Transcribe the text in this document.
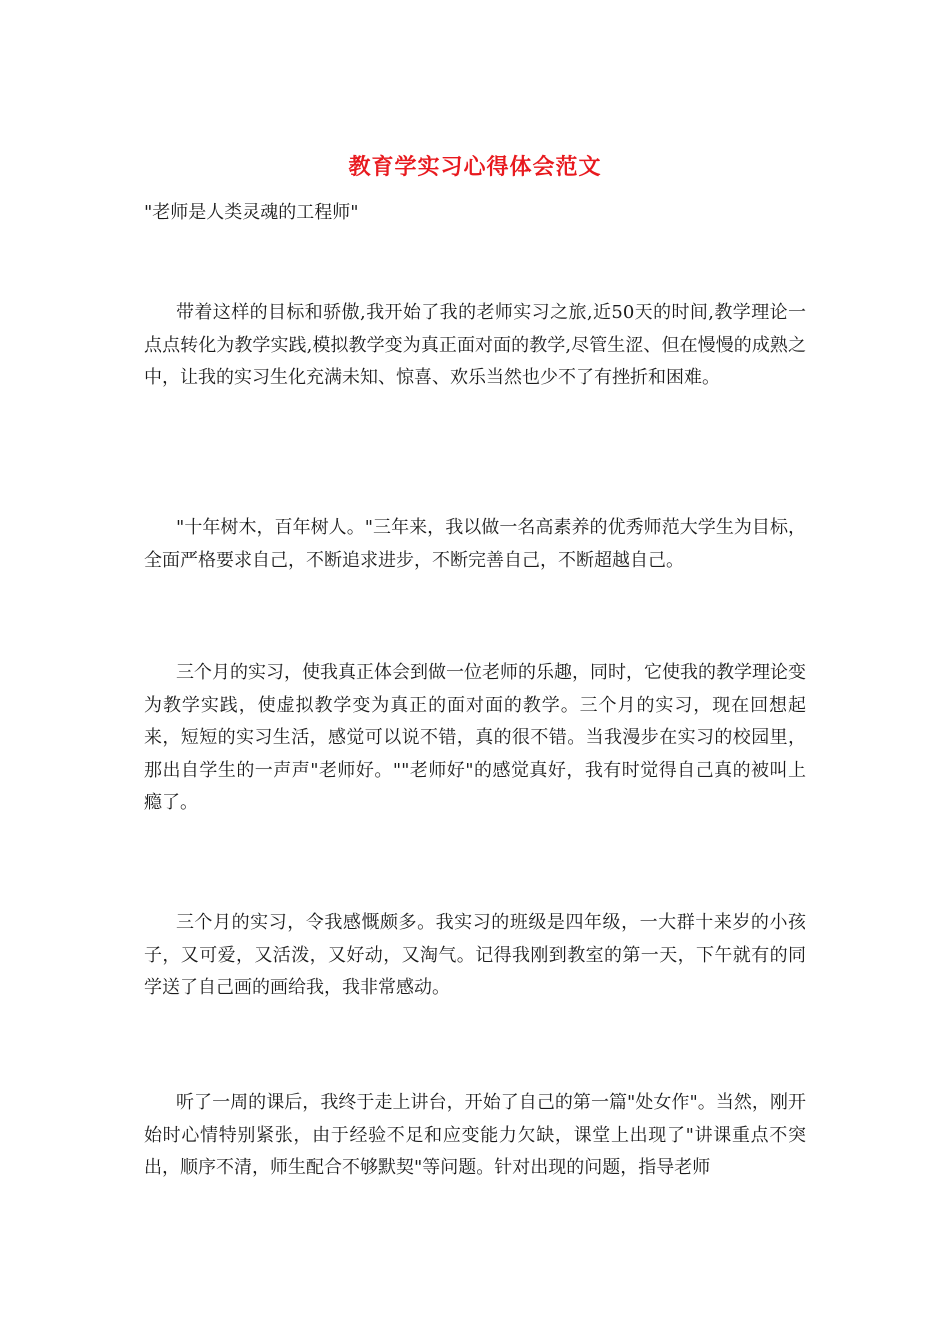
教育学实习心得体会范文
"老师是人类灵魂的工程师"

带着这样的目标和骄傲,我开始了我的老师实习之旅,近50天的时间,教学理论一点点转化为教学实践,模拟教学变为真正面对面的教学,尽管生涩、但在慢慢的成熟之中，让我的实习生化充满未知、惊喜、欢乐当然也少不了有挫折和困难。

"十年树木，百年树人。"三年来，我以做一名高素养的优秀师范大学生为目标，全面严格要求自己，不断追求进步，不断完善自己，不断超越自己。

三个月的实习，使我真正体会到做一位老师的乐趣，同时，它使我的教学理论变为教学实践，使虚拟教学变为真正的面对面的教学。三个月的实习，现在回想起来，短短的实习生活，感觉可以说不错，真的很不错。当我漫步在实习的校园里，那出自学生的一声声"老师好。""老师好"的感觉真好，我有时觉得自己真的被叫上瘾了。

三个月的实习，令我感慨颇多。我实习的班级是四年级，一大群十来岁的小孩子，又可爱，又活泼，又好动，又淘气。记得我刚到教室的第一天，下午就有的同学送了自己画的画给我，我非常感动。

听了一周的课后，我终于走上讲台，开始了自己的第一篇"处女作"。当然，刚开始时心情特别紧张，由于经验不足和应变能力欠缺，课堂上出现了"讲课重点不突出，顺序不清，师生配合不够默契"等问题。针对出现的问题，指导老师
